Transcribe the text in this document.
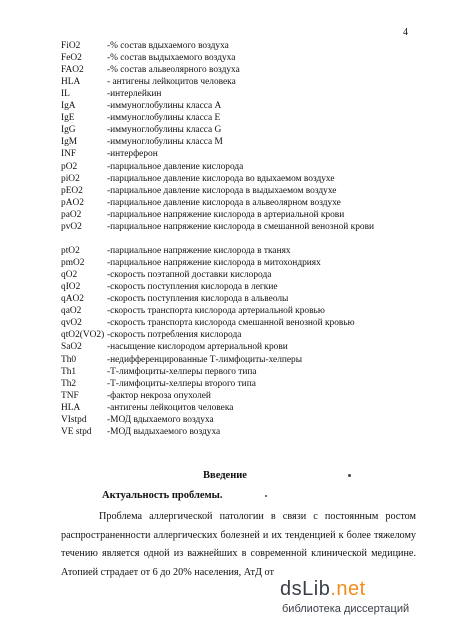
4
FiO2	-% состав вдыхаемого воздуха
FeO2	-% состав выдыхаемого воздуха
FAO2 -% состав альвеолярного воздуха
HLA	- антигены лейкоцитов человека
IL	-интерлейкин
IgA	-иммуноглобулины класса А
IgE	-иммуноглобулины класса Е
IgG	-иммуноглобулины класса G
IgM	-иммуноглобулины класса М
INF	-интерферон
pO2	-парциальное давление кислорода
piO2	-парциальное давление кислорода во вдыхаемом воздухе
pEO2	-парциальное давление кислорода в выдыхаемом воздухе
pAO2 -парциальное давление кислорода в альвеолярном воздухе
paO2	-парциальное напряжение кислорода в артериальной крови
pvO2	-парциальное напряжение кислорода в смешанной венозной крови
ptO2	-парциальное напряжение кислорода в тканях
pmO2 -парциальное напряжение кислорода в митохондриях
qO2	-скорость поэтапной доставки кислорода
qIO2	-скорость поступления кислорода в легкие
qAO2 -скорость поступления кислорода в альвеолы
qaO2	-скорость транспорта кислорода артериальной кровью
qvO2	-скорость транспорта кислорода смешанной венозной кровью
qtO2(VO2) -скорость потребления кислорода
SaO2	-насыщение кислородом артериальной крови
Th0	-недифференцированные Т-лимфоциты-хелперы
Th1	-Т-лимфоциты-хелперы первого типа
Th2	-Т-лимфоциты-хелперы второго типа
TNF	-фактор некроза опухолей
HLA	-антигены лейкоцитов человека
VIstpd -МОД вдыхаемого воздуха
VE stpd -МОД выдыхаемого воздуха
Введение
Актуальность проблемы.
Проблема аллергической патологии в связи с постоянным ростом распространенности аллергических болезней и их тенденцией к более тяжелому течению является одной из важнейших в современной клинической медицине. Атопией страдает от 6 до 20% населения, АтД от
dsLib.net
библиотека диссертаций
